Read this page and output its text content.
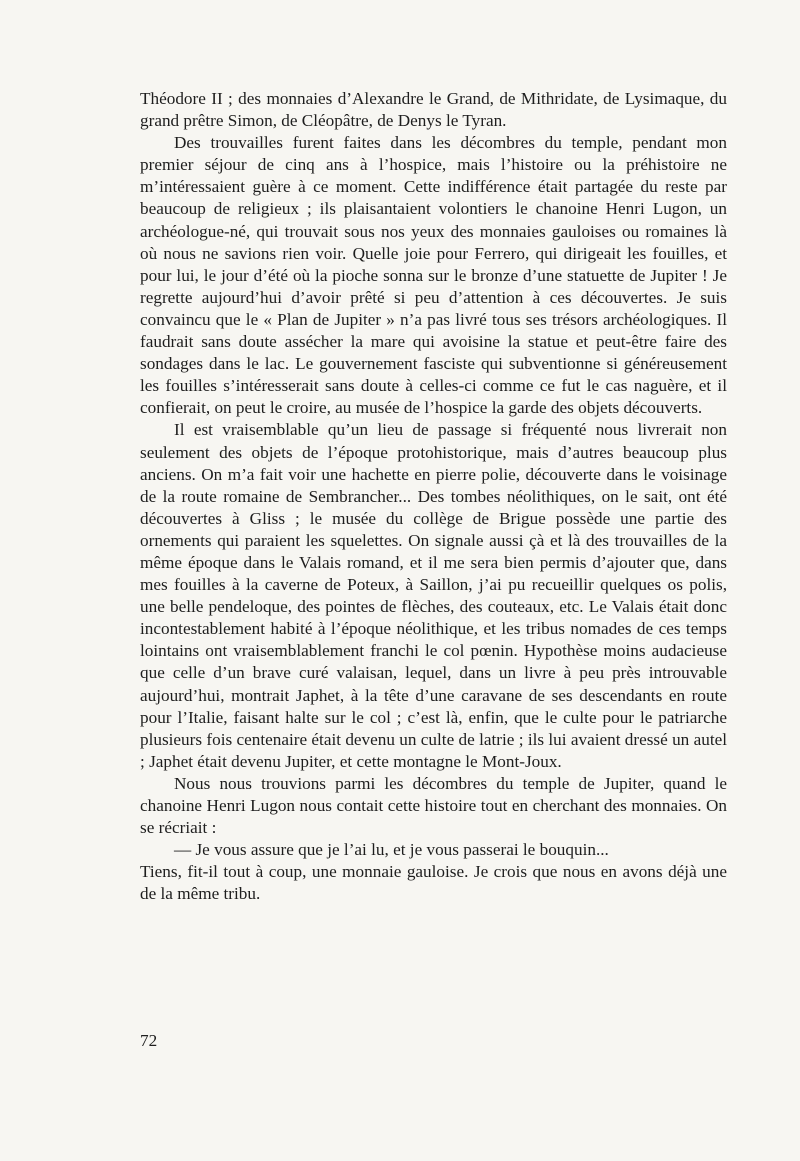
Théodore II ; des monnaies d’Alexandre le Grand, de Mithridate, de Lysimaque, du grand prêtre Simon, de Cléopâtre, de Denys le Tyran.

Des trouvailles furent faites dans les décombres du temple, pendant mon premier séjour de cinq ans à l’hospice, mais l’histoire ou la préhistoire ne m’intéressaient guère à ce moment. Cette indifférence était partagée du reste par beaucoup de religieux ; ils plaisantaient volontiers le chanoine Henri Lugon, un archéologue-né, qui trouvait sous nos yeux des monnaies gauloises ou romaines là où nous ne savions rien voir. Quelle joie pour Ferrero, qui dirigeait les fouilles, et pour lui, le jour d’été où la pioche sonna sur le bronze d’une statuette de Jupiter ! Je regrette aujourd’hui d’avoir prêté si peu d’attention à ces découvertes. Je suis convaincu que le « Plan de Jupiter » n’a pas livré tous ses trésors archéologiques. Il faudrait sans doute assécher la mare qui avoisine la statue et peut-être faire des sondages dans le lac. Le gouvernement fasciste qui subventionne si généreusement les fouilles s’intéresserait sans doute à celles-ci comme ce fut le cas naguère, et il confierait, on peut le croire, au musée de l’hospice la garde des objets découverts.

Il est vraisemblable qu’un lieu de passage si fréquenté nous livrerait non seulement des objets de l’époque protohistorique, mais d’autres beaucoup plus anciens. On m’a fait voir une hachette en pierre polie, découverte dans le voisinage de la route romaine de Sembrancher... Des tombes néolithiques, on le sait, ont été découvertes à Gliss ; le musée du collège de Brigue possède une partie des ornements qui paraient les squelettes. On signale aussi çà et là des trouvailles de la même époque dans le Valais romand, et il me sera bien permis d’ajouter que, dans mes fouilles à la caverne de Poteux, à Saillon, j’ai pu recueillir quelques os polis, une belle pendeloque, des pointes de flèches, des couteaux, etc. Le Valais était donc incontestablement habité à l’époque néolithique, et les tribus nomades de ces temps lointains ont vraisemblablement franchi le col pœnin. Hypothèse moins audacieuse que celle d’un brave curé valaisan, lequel, dans un livre à peu près introuvable aujourd’hui, montrait Japhet, à la tête d’une caravane de ses descendants en route pour l’Italie, faisant halte sur le col ; c’est là, enfin, que le culte pour le patriarche plusieurs fois centenaire était devenu un culte de latrie ; ils lui avaient dressé un autel ; Japhet était devenu Jupiter, et cette montagne le Mont-Joux.

Nous nous trouvions parmi les décombres du temple de Jupiter, quand le chanoine Henri Lugon nous contait cette histoire tout en cherchant des monnaies. On se récriait :

— Je vous assure que je l’ai lu, et je vous passerai le bouquin...

Tiens, fit-il tout à coup, une monnaie gauloise. Je crois que nous en avons déjà une de la même tribu.

72
